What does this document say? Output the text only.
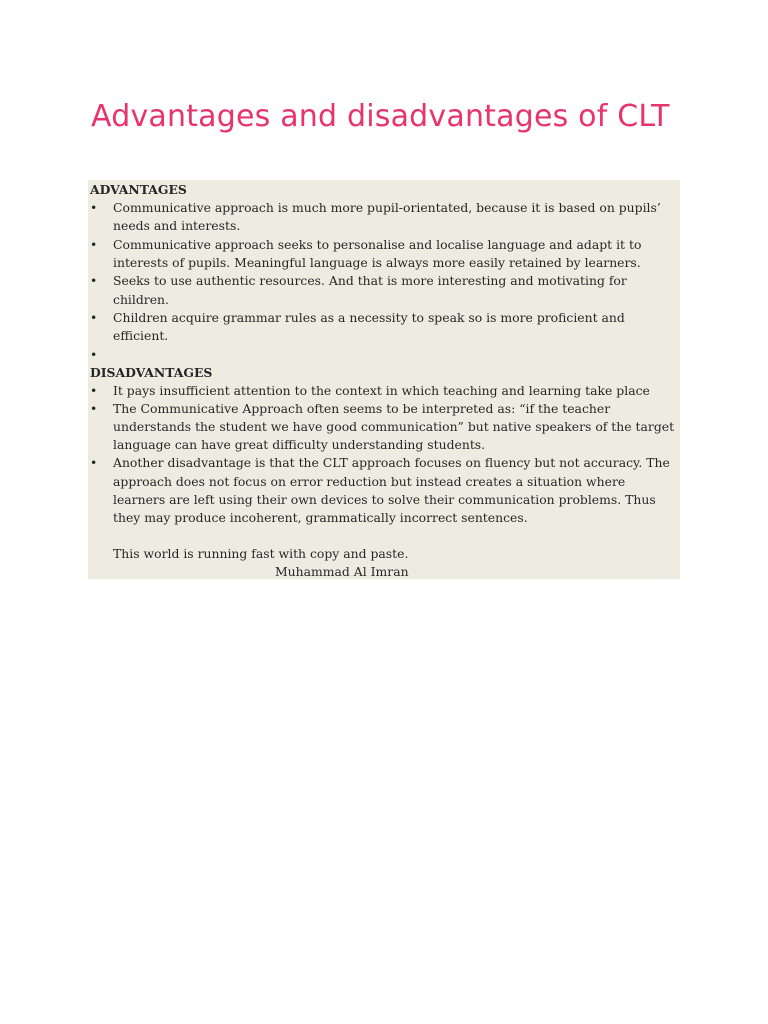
Advantages and disadvantages of CLT
ADVANTAGES
• Communicative approach is much more pupil-orientated, because it is based on pupils’ needs and interests.
• Communicative approach seeks to personalise and localise language and adapt it to interests of pupils. Meaningful language is always more easily retained by learners.
• Seeks to use authentic resources. And that is more interesting and motivating for children.
• Children acquire grammar rules as a necessity to speak so is more proficient and efficient.
•
DISADVANTAGES
• It pays insufficient attention to the context in which teaching and learning take place
• The Communicative Approach often seems to be interpreted as: “if the teacher understands the student we have good communication” but native speakers of the target language can have great difficulty understanding students.
• Another disadvantage is that the CLT approach focuses on fluency but not accuracy. The approach does not focus on error reduction but instead creates a situation where learners are left using their own devices to solve their communication problems. Thus they may produce incoherent, grammatically incorrect sentences.
This world is running fast with copy and paste.
Muhammad Al Imran
